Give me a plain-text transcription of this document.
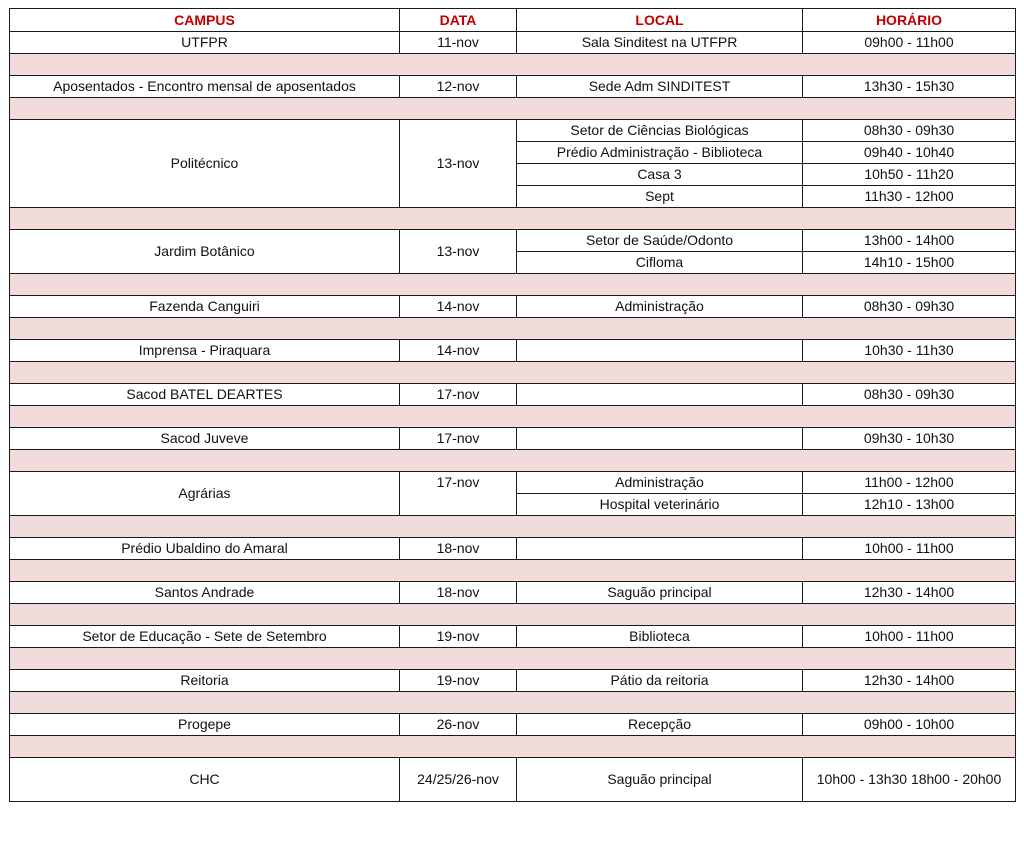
CAMPUS	DATA	LOCAL	HORÁRIO
UTFPR	11-nov	Sala Sinditest na UTFPR	09h00 - 11h00

Aposentados - Encontro mensal de aposentados	12-nov	Sede Adm SINDITEST	13h30 - 15h30

Politécnico	13-nov	Setor de Ciências Biológicas	08h30 - 09h30
		Prédio Administração - Biblioteca	09h40 - 10h40
		Casa 3	10h50 - 11h20
		Sept	11h30 - 12h00

Jardim Botânico	13-nov	Setor de Saúde/Odonto	13h00 - 14h00
		Cifloma	14h10 - 15h00

Fazenda Canguiri	14-nov	Administração	08h30 - 09h30

Imprensa - Piraquara	14-nov		10h30 - 11h30

Sacod BATEL DEARTES	17-nov		08h30 - 09h30

Sacod Juveve	17-nov		09h30 - 10h30

Agrárias	17-nov	Administração	11h00 - 12h00
		Hospital veterinário	12h10 - 13h00

Prédio Ubaldino do Amaral	18-nov		10h00 - 11h00

Santos Andrade	18-nov	Saguão principal	12h30 - 14h00

Setor de Educação - Sete de Setembro	19-nov	Biblioteca	10h00 - 11h00

Reitoria	19-nov	Pátio da reitoria	12h30 - 14h00

Progepe	26-nov	Recepção	09h00 - 10h00

CHC	24/25/26-nov	Saguão principal	10h00 - 13h30 18h00 - 20h00
